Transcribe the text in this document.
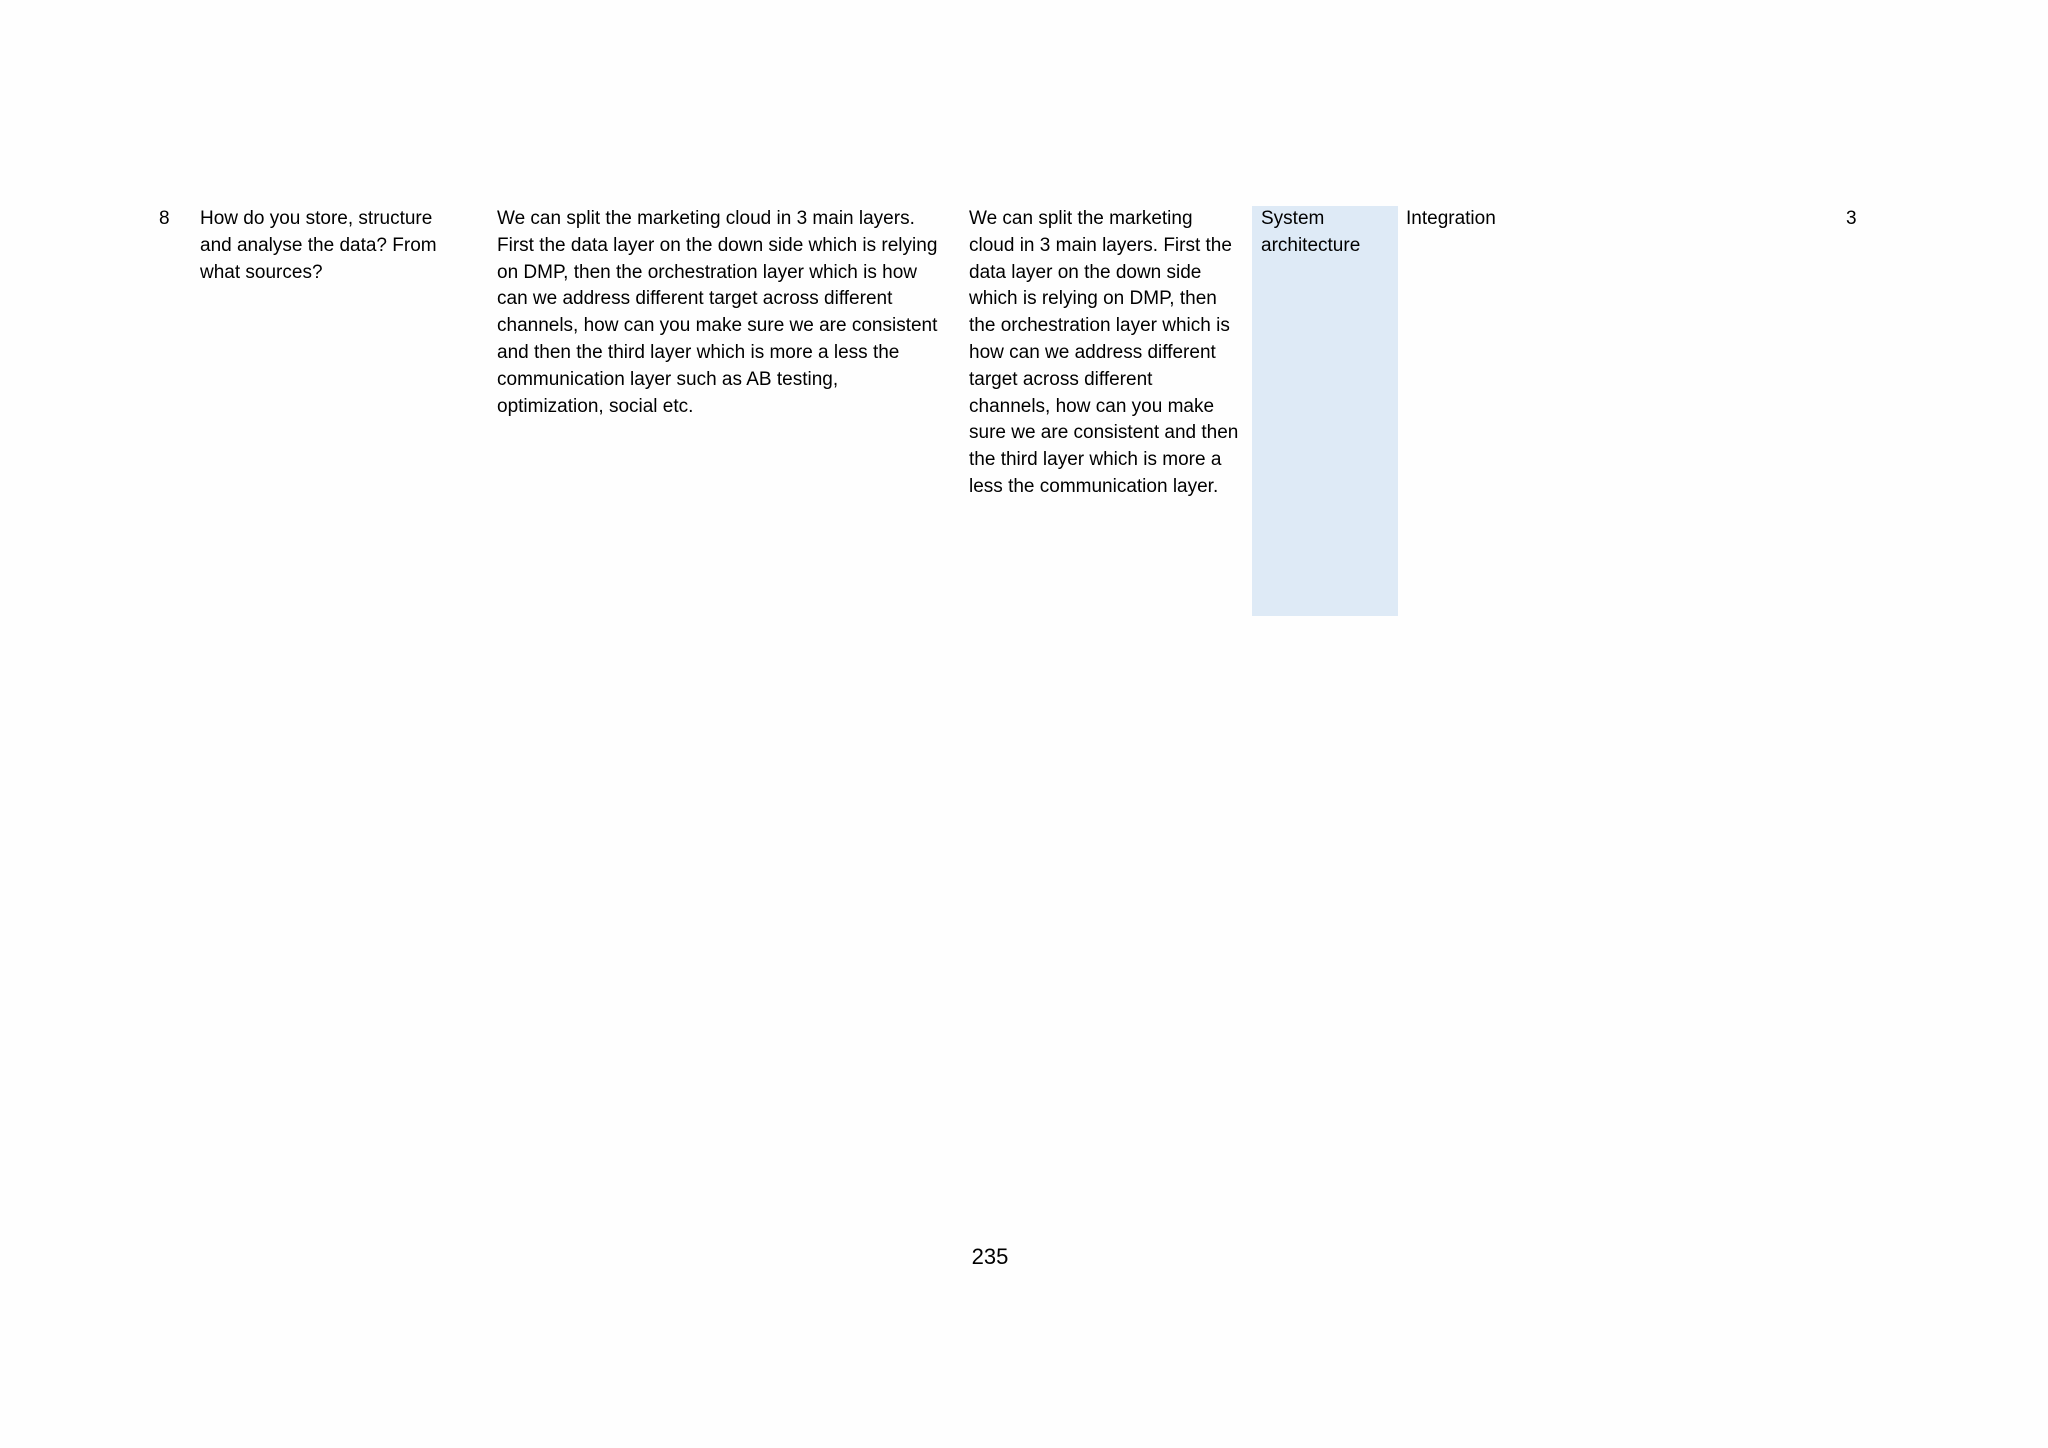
8	How do you store, structure and analyse the data? From what sources?
We can split the marketing cloud in 3 main layers. First the data layer on the down side which is relying on DMP, then the orchestration layer which is how can we address different target across different channels, how can you make sure we are consistent and then the third layer which is more a less the communication layer such as AB testing, optimization, social etc.
We can split the marketing cloud in 3 main layers. First the data layer on the down side which is relying on DMP, then the orchestration layer which is how can we address different target across different channels, how can you make sure we are consistent and then the third layer which is more a less the communication layer.
System architecture
Integration	3
235
